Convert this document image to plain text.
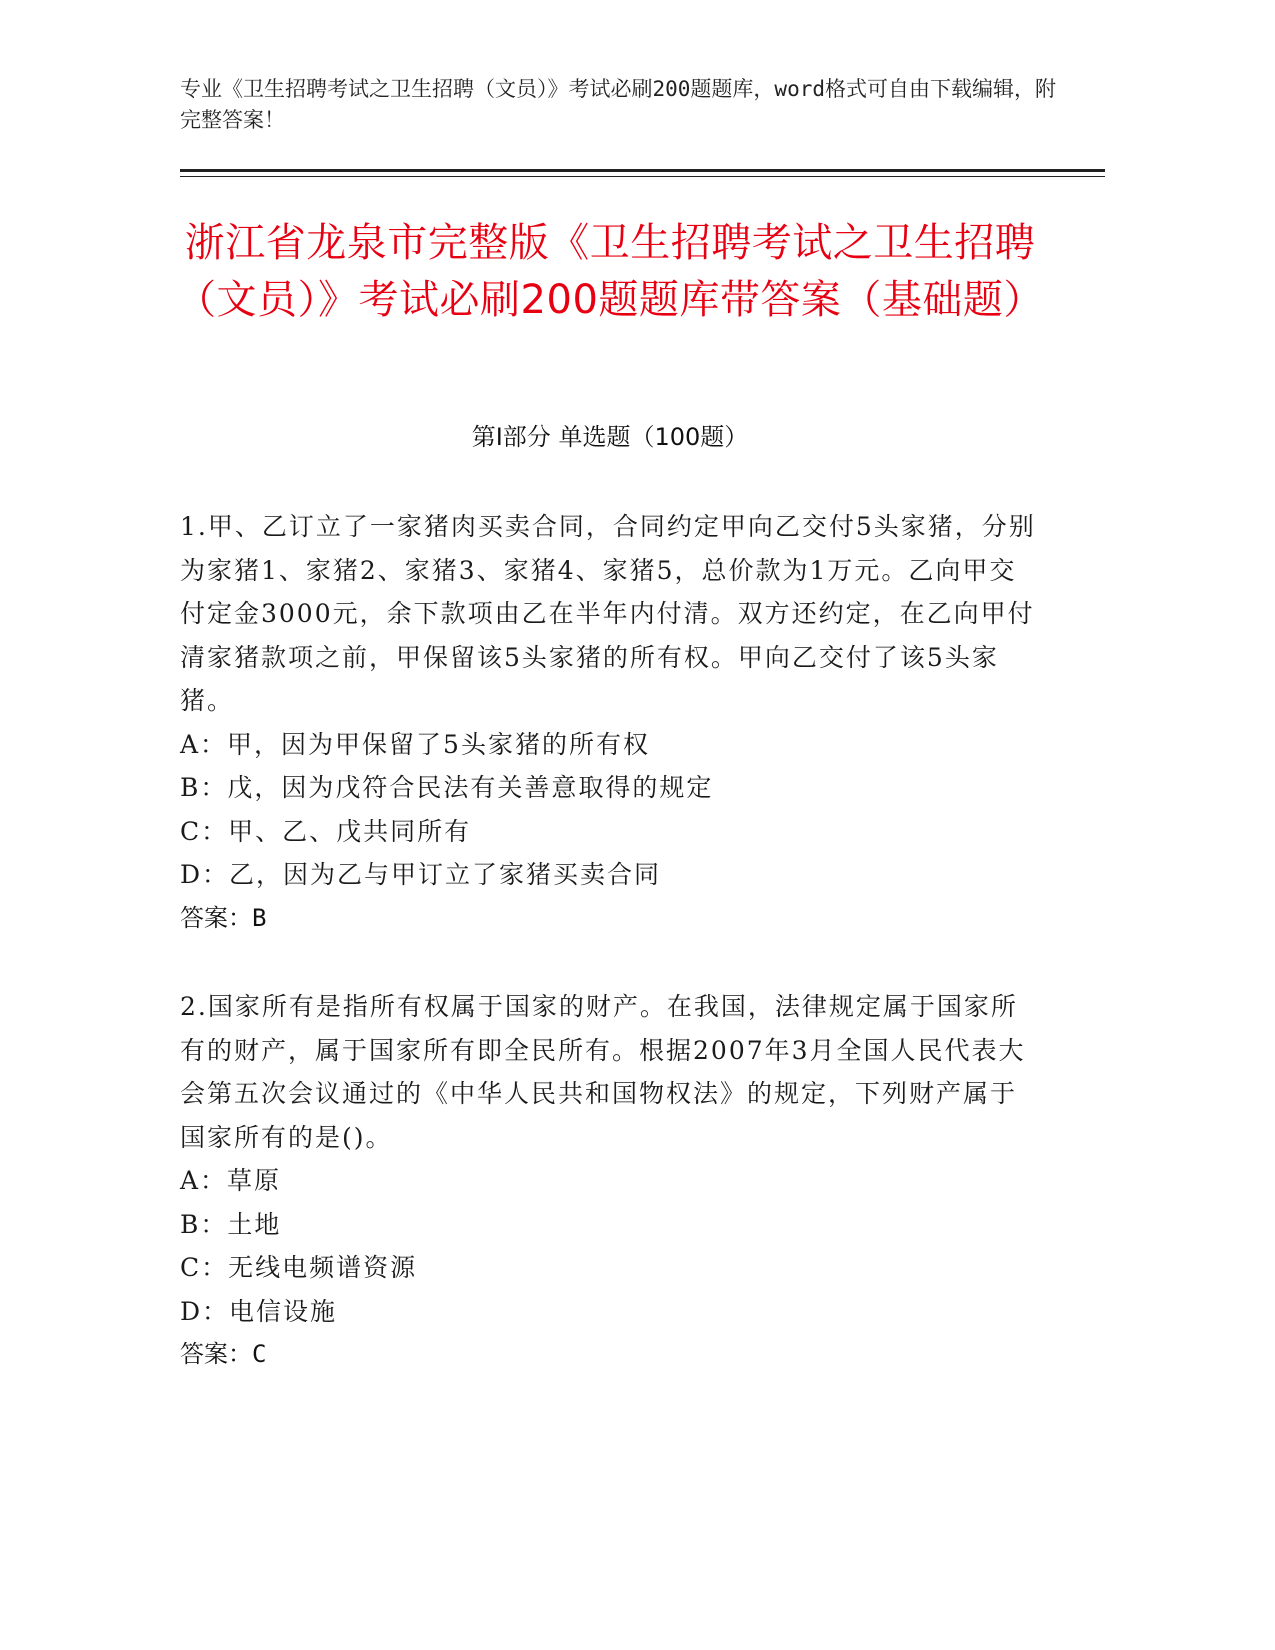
专业《卫生招聘考试之卫生招聘（文员）》考试必刷200题题库，word格式可自由下载编辑，附完整答案！
浙江省龙泉市完整版《卫生招聘考试之卫生招聘（文员）》考试必刷200题题库带答案（基础题）
第Ⅰ部分 单选题（100题）
1.甲、乙订立了一家猪肉买卖合同，合同约定甲向乙交付5头家猪，分别为家猪1、家猪2、家猪3、家猪4、家猪5，总价款为1万元。乙向甲交付定金3000元，余下款项由乙在半年内付清。双方还约定，在乙向甲付清家猪款项之前，甲保留该5头家猪的所有权。甲向乙交付了该5头家猪。
A：甲，因为甲保留了5头家猪的所有权
B：戊，因为戊符合民法有关善意取得的规定
C：甲、乙、戊共同所有
D：乙，因为乙与甲订立了家猪买卖合同
答案：B
2.国家所有是指所有权属于国家的财产。在我国，法律规定属于国家所有的财产，属于国家所有即全民所有。根据2007年3月全国人民代表大会第五次会议通过的《中华人民共和国物权法》的规定，下列财产属于国家所有的是()。
A：草原
B：土地
C：无线电频谱资源
D：电信设施
答案：C
